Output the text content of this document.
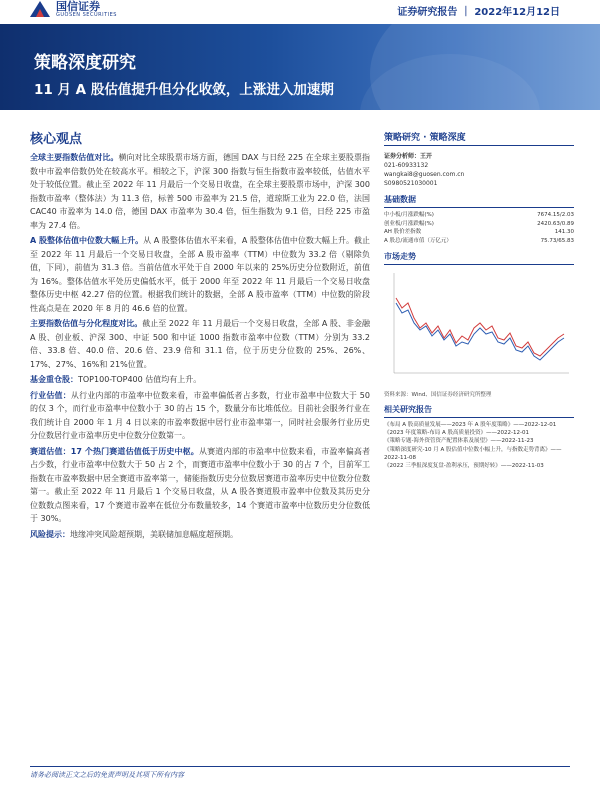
国信证券
GUOSEN SECURITIES	证券研究报告 ｜ 2022年12月12日
策略深度研究
11 月 A 股估值提升但分化收敛，上涨进入加速期
核心观点

全球主要指数估值对比。横向对比全球股票市场方面，德国 DAX 与日经 225 在全球主要股票指数中市盈率倍数仍处在较高水平。相较之下，沪深 300 指数与恒生指数市盈率较低，估值水平处于较低位置。截止至 2022 年 11 月最后一个交易日收盘，在全球主要股票市场中，沪深 300 指数市盈率（整体法）为 11.3 倍，标普 500 市盈率为 21.5 倍，道琼斯工业为 22.0 倍，法国 CAC40 市盈率为 14.0 倍，德国 DAX 市盈率为 30.4 倍，恒生指数为 9.1 倍，日经 225 市盈率为 27.4 倍。

A 股整体估值中位数大幅上升。从 A 股整体估值水平来看，A 股整体估值中位数大幅上升。截止至 2022 年 11 月最后一个交易日收盘，全部 A 股市盈率（TTM）中位数为 33.2 倍（剔除负值，下同），前值为 31.3 倍。当前估值水平处于自 2000 年以来的 25%历史分位数附近，前值为 16%。整体估值水平处历史偏低水平，低于 2000 年至 2022 年 11 月最后一个交易日收盘整体历史中枢 42.27 倍的位置。根据我们统计的数据，全部 A 股市盈率（TTM）中位数的阶段性高点是在 2020 年 8 月的 46.6 倍的位置。

主要指数估值与分化程度对比。截止至 2022 年 11 月最后一个交易日收盘，全部 A 股、非金融 A 股、创业板、沪深 300、中证 500 和中证 1000 指数市盈率中位数（TTM）分别为 33.2 倍、33.8 倍、40.0 倍、20.6 倍、23.9 倍和 31.1 倍，位于历史分位数的 25%、26%、17%、27%、16%和 21%位置。

基金重仓股：TOP100-TOP400 估值均有上升。

行业估值：从行业内部的市盈率中位数来看，市盈率偏低者占多数，行业市盈率中位数大于 50 的仅 3 个，而行业市盈率中位数小于 30 的占 15 个，数量分布比堆低位。目前社会服务行业在我们统计自 2000 年 1 月 4 日以来的市盈率数据中居行业市盈率第一，同时社会服务行业历史分位数居行业市盈率历史中位数分位数第一。

赛道估值：17 个热门赛道估值低于历史中枢。从赛道内部的市盈率中位数来看，市盈率偏高者占少数，行业市盈率中位数大于 50 占 2 个，而赛道市盈率中位数小于 30 的占 7 个，目前军工指数在市盈率数据中居全赛道市盈率第一，储能指数历史分位数居赛道市盈率历史中位数分位数第一。截止至 2022 年 11 月最后 1 个交易日收盘，从 A 股各赛道股市盈率中位数及其历史分位数数点图来看，17 个赛道市盈率在低位分布数量较多，14 个赛道市盈率中位数历史分位数低于 30%。

风险提示：地缘冲突风险超预期，美联储加息幅度超预期。

策略研究 · 策略深度
证券分析师：王开
021-60933132
wangkai8@guosen.com.cn
S0980521030001
基础数据
中小板/月涨跌幅(%)	7674.15/2.03
创业板/月涨跌幅(%)	2420.63/0.89
AH 股价差指数	141.30
A 股总/流通市值（万亿元）	75.73/65.83
市场走势
资料来源：Wind、国信证券经济研究所整理
相关研究报告
《布局 A 股高质量发展——2023 年 A 股年度策略》——2022-12-01
《2023 年度策略-布局 A 股高质量投资》——2022-12-01
《策略专题-海外资管资产配置体系及展望》——2022-11-23
《策略深度研究-10 月 A 股估值中位数小幅上升，与指数走势背离》——2022-11-08
《2022 三季报深度复盘-盈利承压，预期好转》——2022-11-03
请务必阅读正文之后的免责声明及其项下所有内容
